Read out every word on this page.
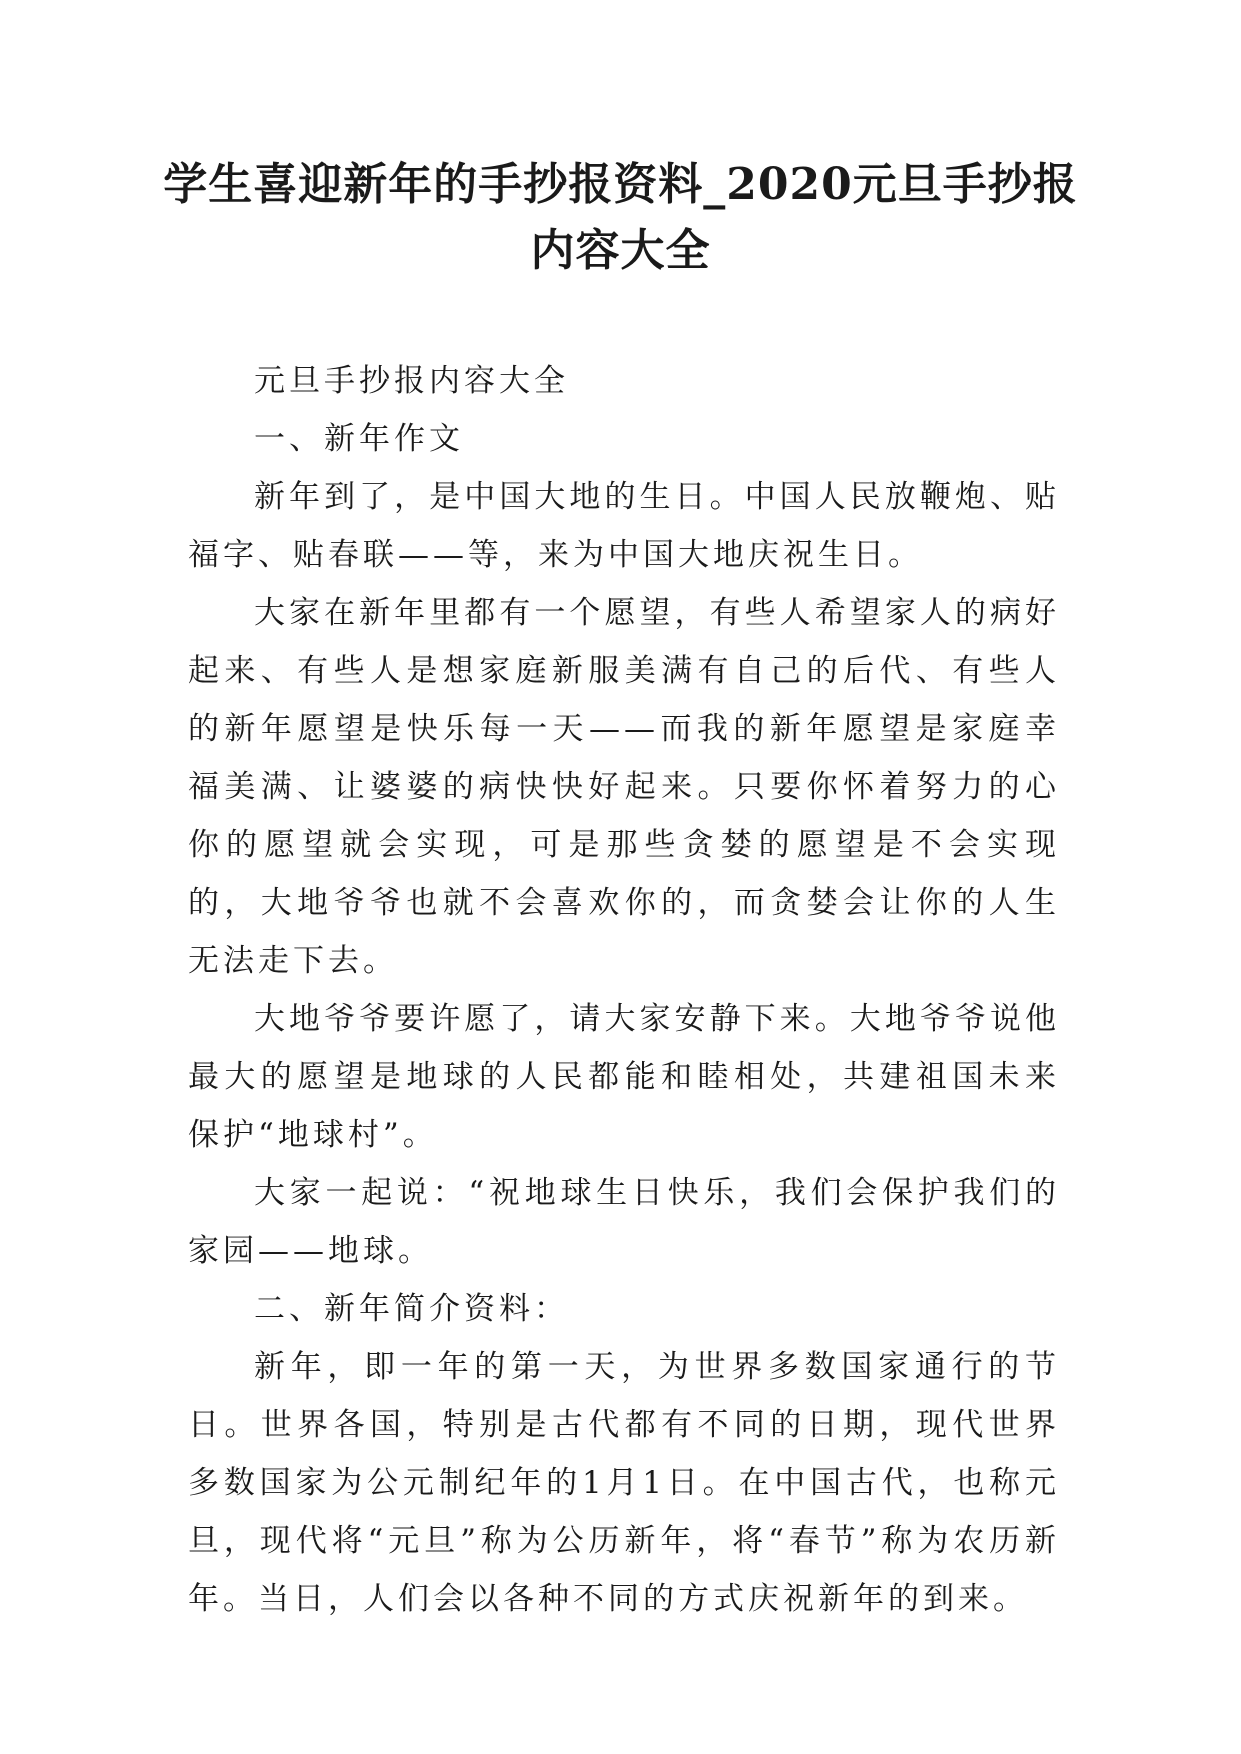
学生喜迎新年的手抄报资料_2020元旦手抄报内容大全

元旦手抄报内容大全

一、新年作文

新年到了，是中国大地的生日。中国人民放鞭炮、贴福字、贴春联——等，来为中国大地庆祝生日。

大家在新年里都有一个愿望，有些人希望家人的病好起来、有些人是想家庭新服美满有自己的后代、有些人的新年愿望是快乐每一天——而我的新年愿望是家庭幸福美满、让婆婆的病快快好起来。只要你怀着努力的心你的愿望就会实现，可是那些贪婪的愿望是不会实现的，大地爷爷也就不会喜欢你的，而贪婪会让你的人生无法走下去。

大地爷爷要许愿了，请大家安静下来。大地爷爷说他最大的愿望是地球的人民都能和睦相处，共建祖国未来保护“地球村”。

大家一起说：“祝地球生日快乐，我们会保护我们的家园——地球。

二、新年简介资料：

新年，即一年的第一天，为世界多数国家通行的节日。世界各国，特别是古代都有不同的日期，现代世界多数国家为公元制纪年的1月1日。在中国古代，也称元旦，现代将“元旦”称为公历新年，将“春节”称为农历新年。当日，人们会以各种不同的方式庆祝新年的到来。
